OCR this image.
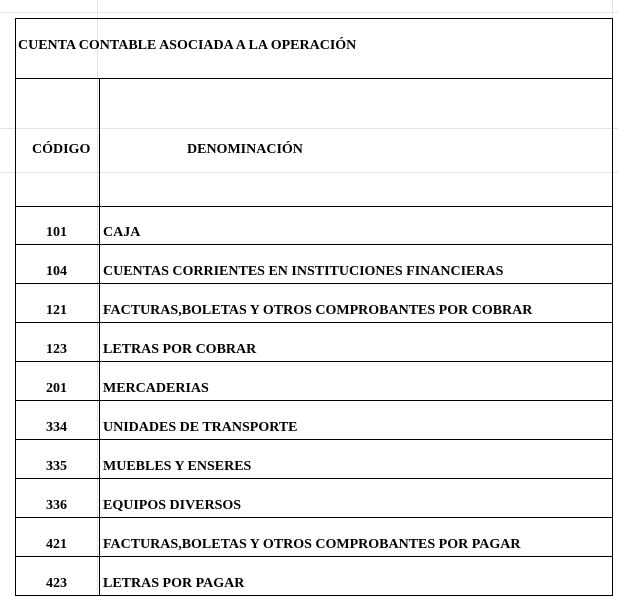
CUENTA CONTABLE ASOCIADA A LA OPERACIÓN
CÓDIGO	DENOMINACIÓN
101	CAJA
104	CUENTAS CORRIENTES EN INSTITUCIONES FINANCIERAS
121	FACTURAS,BOLETAS Y OTROS COMPROBANTES POR COBRAR
123	LETRAS POR COBRAR
201	MERCADERIAS
334	UNIDADES DE TRANSPORTE
335	MUEBLES Y ENSERES
336	EQUIPOS DIVERSOS
421	FACTURAS,BOLETAS Y OTROS COMPROBANTES POR PAGAR
423	LETRAS POR PAGAR
